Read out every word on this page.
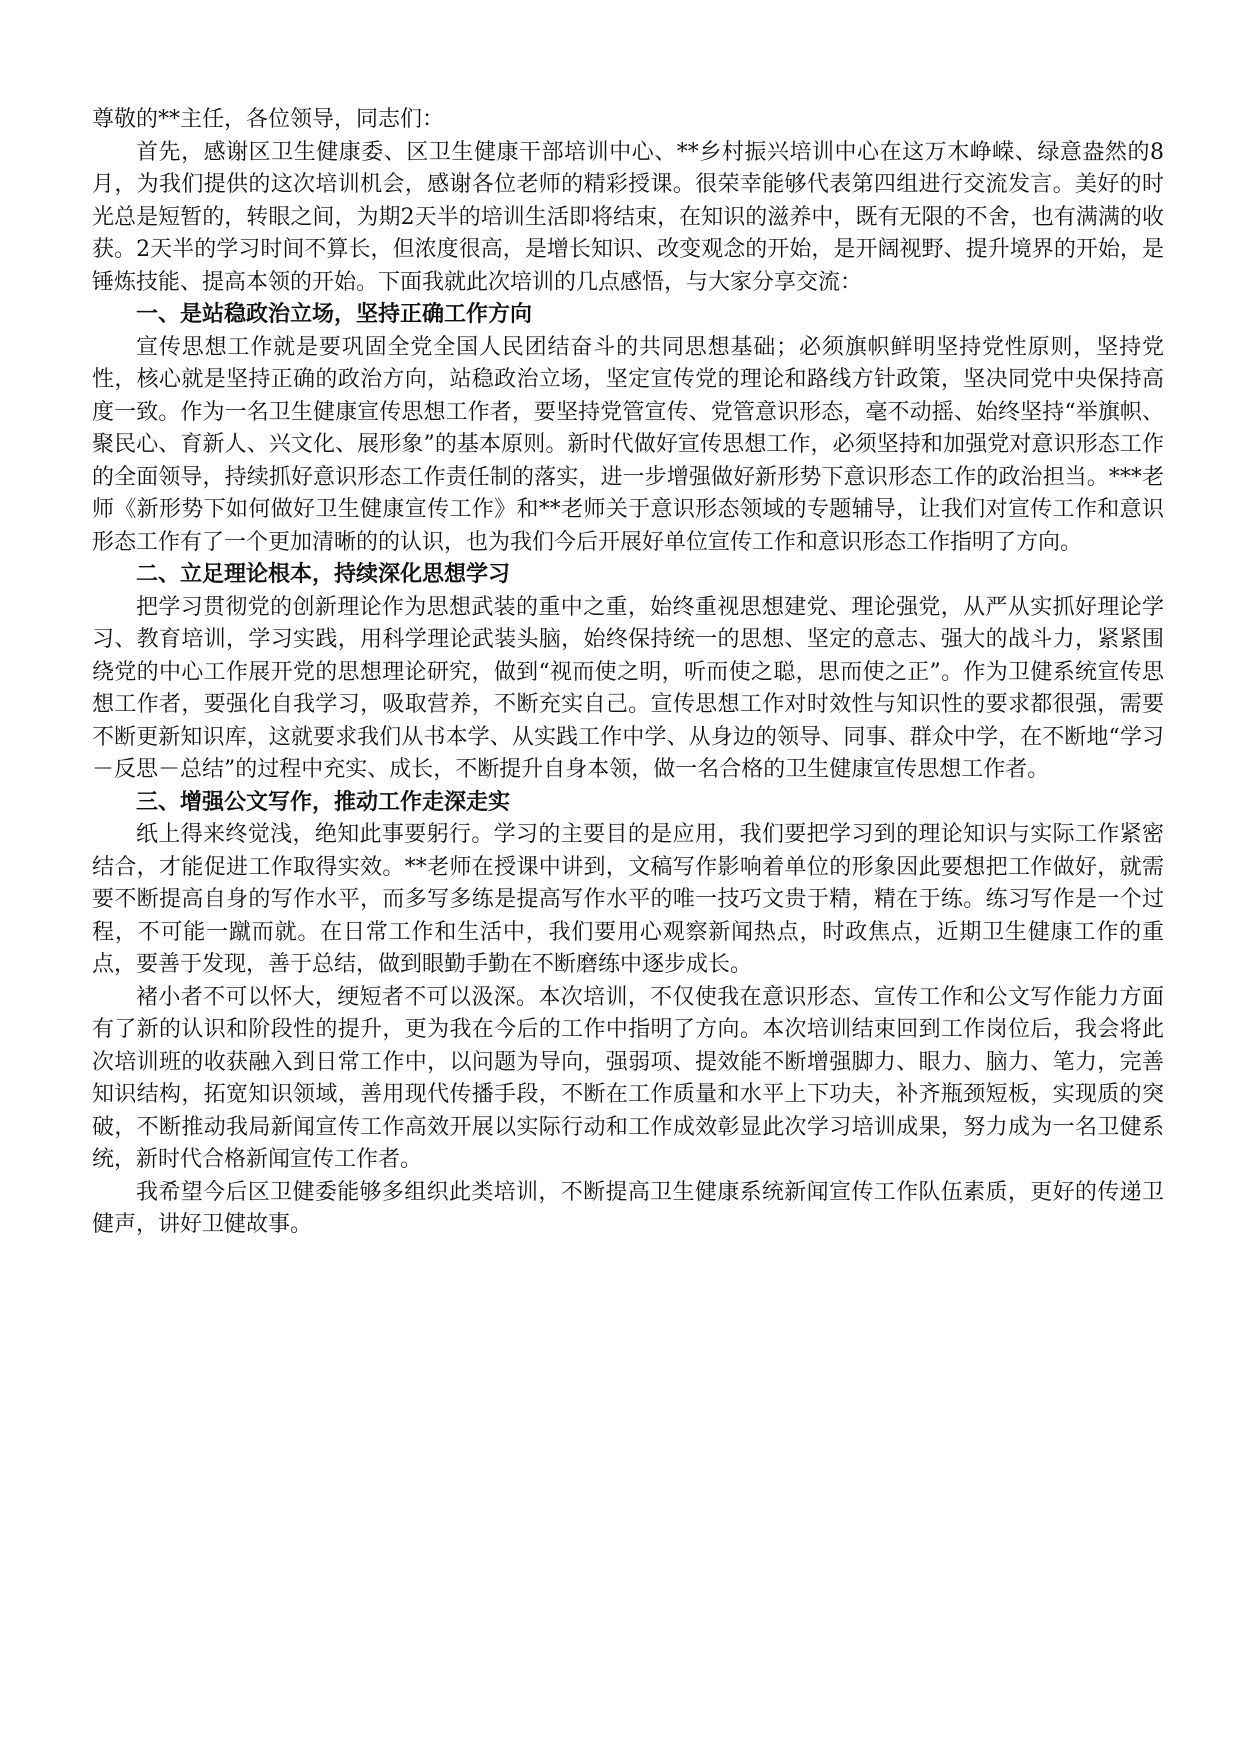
尊敬的**主任，各位领导，同志们：

首先，感谢区卫生健康委、区卫生健康干部培训中心、**乡村振兴培训中心在这万木峥嵘、绿意盎然的8月，为我们提供的这次培训机会，感谢各位老师的精彩授课。很荣幸能够代表第四组进行交流发言。美好的时光总是短暂的，转眼之间，为期2天半的培训生活即将结束，在知识的滋养中，既有无限的不舍，也有满满的收获。2天半的学习时间不算长，但浓度很高，是增长知识、改变观念的开始，是开阔视野、提升境界的开始，是锤炼技能、提高本领的开始。下面我就此次培训的几点感悟，与大家分享交流：

一、是站稳政治立场，坚持正确工作方向

宣传思想工作就是要巩固全党全国人民团结奋斗的共同思想基础；必须旗帜鲜明坚持党性原则，坚持党性，核心就是坚持正确的政治方向，站稳政治立场，坚定宣传党的理论和路线方针政策，坚决同党中央保持高度一致。作为一名卫生健康宣传思想工作者，要坚持党管宣传、党管意识形态，毫不动摇、始终坚持“举旗帜、聚民心、育新人、兴文化、展形象”的基本原则。新时代做好宣传思想工作，必须坚持和加强党对意识形态工作的全面领导，持续抓好意识形态工作责任制的落实，进一步增强做好新形势下意识形态工作的政治担当。***老师《新形势下如何做好卫生健康宣传工作》和**老师关于意识形态领域的专题辅导，让我们对宣传工作和意识形态工作有了一个更加清晰的的认识，也为我们今后开展好单位宣传工作和意识形态工作指明了方向。

二、立足理论根本，持续深化思想学习

把学习贯彻党的创新理论作为思想武装的重中之重，始终重视思想建党、理论强党，从严从实抓好理论学习、教育培训，学习实践，用科学理论武装头脑，始终保持统一的思想、坚定的意志、强大的战斗力，紧紧围绕党的中心工作展开党的思想理论研究，做到“视而使之明，听而使之聪，思而使之正”。作为卫健系统宣传思想工作者，要强化自我学习，吸取营养，不断充实自己。宣传思想工作对时效性与知识性的要求都很强，需要不断更新知识库，这就要求我们从书本学、从实践工作中学、从身边的领导、同事、群众中学，在不断地“学习－反思－总结”的过程中充实、成长，不断提升自身本领，做一名合格的卫生健康宣传思想工作者。

三、增强公文写作，推动工作走深走实

纸上得来终觉浅，绝知此事要躬行。学习的主要目的是应用，我们要把学习到的理论知识与实际工作紧密结合，才能促进工作取得实效。**老师在授课中讲到，文稿写作影响着单位的形象因此要想把工作做好，就需要不断提高自身的写作水平，而多写多练是提高写作水平的唯一技巧文贵于精，精在于练。练习写作是一个过程，不可能一蹴而就。在日常工作和生活中，我们要用心观察新闻热点，时政焦点，近期卫生健康工作的重点，要善于发现，善于总结，做到眼勤手勤在不断磨练中逐步成长。

褚小者不可以怀大，绠短者不可以汲深。本次培训，不仅使我在意识形态、宣传工作和公文写作能力方面有了新的认识和阶段性的提升，更为我在今后的工作中指明了方向。本次培训结束回到工作岗位后，我会将此次培训班的收获融入到日常工作中，以问题为导向，强弱项、提效能不断增强脚力、眼力、脑力、笔力，完善知识结构，拓宽知识领域，善用现代传播手段，不断在工作质量和水平上下功夫，补齐瓶颈短板，实现质的突破，不断推动我局新闻宣传工作高效开展以实际行动和工作成效彰显此次学习培训成果，努力成为一名卫健系统，新时代合格新闻宣传工作者。

我希望今后区卫健委能够多组织此类培训，不断提高卫生健康系统新闻宣传工作队伍素质，更好的传递卫健声，讲好卫健故事。
